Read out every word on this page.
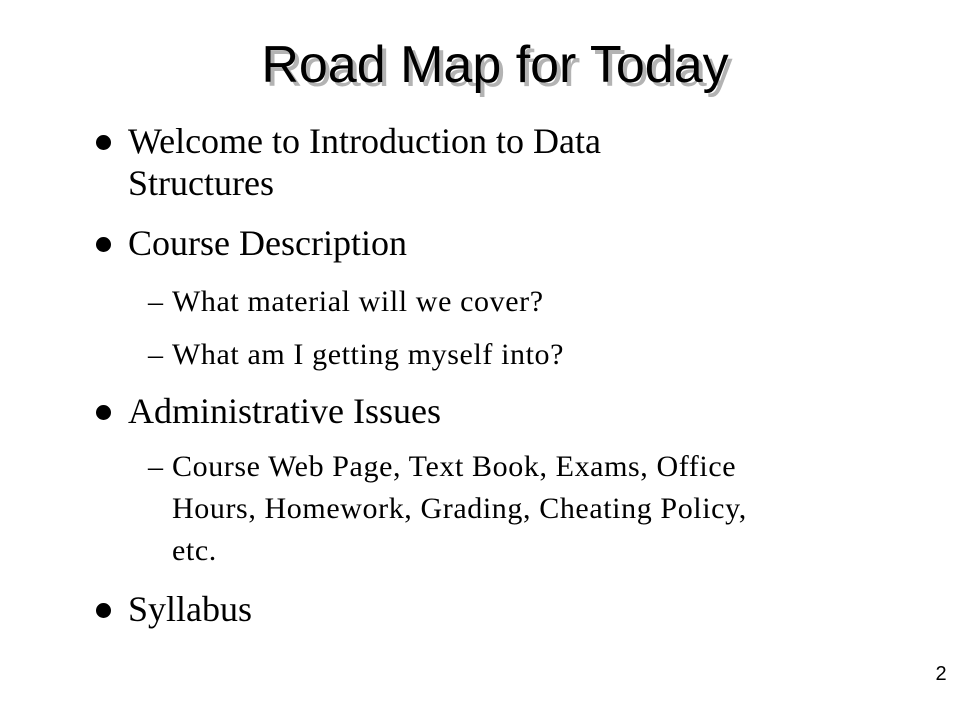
Road Map for Today
Welcome to Introduction to Data
Structures
Course Description
– What material will we cover?
– What am I getting myself into?
Administrative Issues
– Course Web Page, Text Book, Exams, Office
Hours, Homework, Grading, Cheating Policy,
etc.
Syllabus
2
